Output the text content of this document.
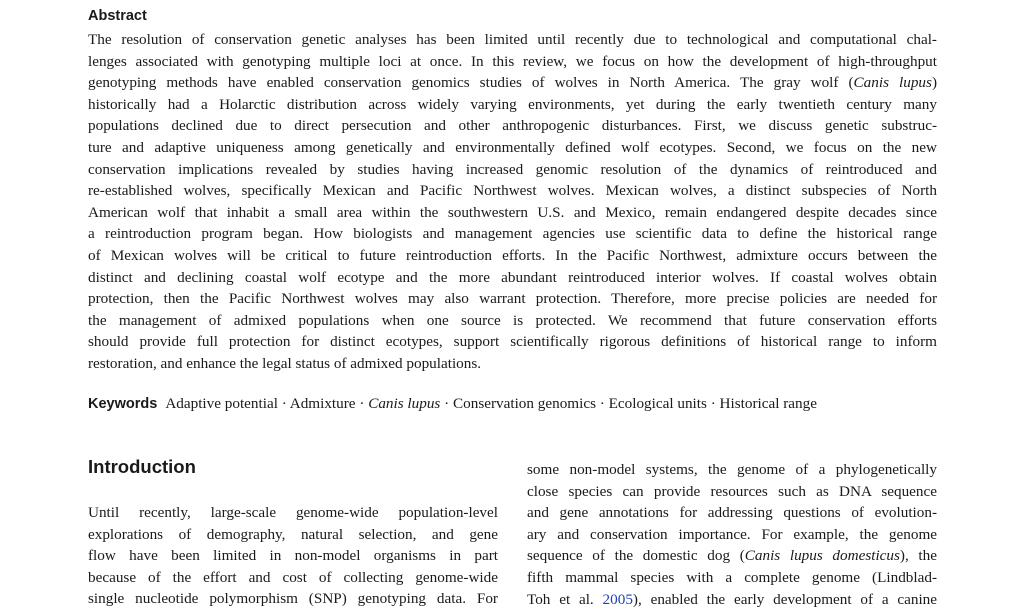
Abstract
The resolution of conservation genetic analyses has been limited until recently due to technological and computational chal-
lenges associated with genotyping multiple loci at once. In this review, we focus on how the development of high-throughput
genotyping methods have enabled conservation genomics studies of wolves in North America. The gray wolf (Canis lupus)
historically had a Holarctic distribution across widely varying environments, yet during the early twentieth century many
populations declined due to direct persecution and other anthropogenic disturbances. First, we discuss genetic substruc-
ture and adaptive uniqueness among genetically and environmentally defined wolf ecotypes. Second, we focus on the new
conservation implications revealed by studies having increased genomic resolution of the dynamics of reintroduced and
re-established wolves, specifically Mexican and Pacific Northwest wolves. Mexican wolves, a distinct subspecies of North
American wolf that inhabit a small area within the southwestern U.S. and Mexico, remain endangered despite decades since
a reintroduction program began. How biologists and management agencies use scientific data to define the historical range
of Mexican wolves will be critical to future reintroduction efforts. In the Pacific Northwest, admixture occurs between the
distinct and declining coastal wolf ecotype and the more abundant reintroduced interior wolves. If coastal wolves obtain
protection, then the Pacific Northwest wolves may also warrant protection. Therefore, more precise policies are needed for
the management of admixed populations when one source is protected. We recommend that future conservation efforts
should provide full protection for distinct ecotypes, support scientifically rigorous definitions of historical range to inform
restoration, and enhance the legal status of admixed populations.
Keywords Adaptive potential · Admixture · Canis lupus · Conservation genomics · Ecological units · Historical range
Introduction
Until recently, large-scale genome-wide population-level
explorations of demography, natural selection, and gene
flow have been limited in non-model organisms in part
because of the effort and cost of collecting genome-wide
single nucleotide polymorphism (SNP) genotyping data. For
some non-model systems, the genome of a phylogenetically
close species can provide resources such as DNA sequence
and gene annotations for addressing questions of evolution-
ary and conservation importance. For example, the genome
sequence of the domestic dog (Canis lupus domesticus), the
fifth mammal species with a complete genome (Lindblad-
Toh et al. 2005), enabled the early development of a canine
